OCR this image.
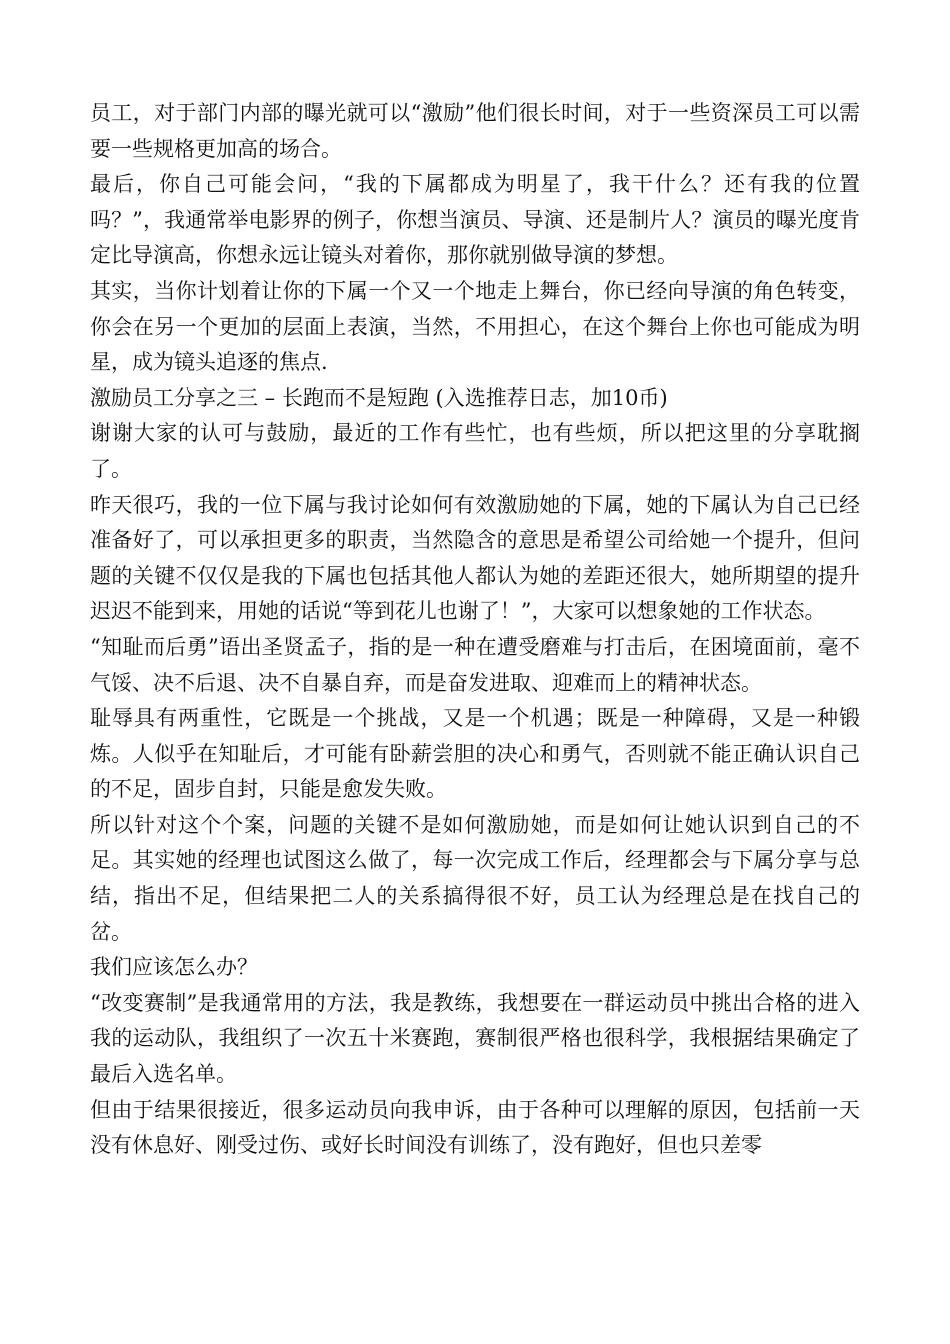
员工，对于部门内部的曝光就可以“激励”他们很长时间，对于一些资深员工可以需要一些规格更加高的场合。

最后，你自己可能会问，“我的下属都成为明星了，我干什么？还有我的位置吗？”，我通常举电影界的例子，你想当演员、导演、还是制片人？演员的曝光度肯定比导演高，你想永远让镜头对着你，那你就别做导演的梦想。

其实，当你计划着让你的下属一个又一个地走上舞台，你已经向导演的角色转变，你会在另一个更加的层面上表演，当然，不用担心，在这个舞台上你也可能成为明星，成为镜头追逐的焦点.

激励员工分享之三 – 长跑而不是短跑 (入选推荐日志，加10币)

谢谢大家的认可与鼓励，最近的工作有些忙，也有些烦，所以把这里的分享耽搁了。

昨天很巧，我的一位下属与我讨论如何有效激励她的下属，她的下属认为自己已经准备好了，可以承担更多的职责，当然隐含的意思是希望公司给她一个提升，但问题的关键不仅仅是我的下属也包括其他人都认为她的差距还很大，她所期望的提升迟迟不能到来，用她的话说“等到花儿也谢了！”，大家可以想象她的工作状态。

“知耻而后勇”语出圣贤孟子，指的是一种在遭受磨难与打击后，在困境面前，毫不气馁、决不后退、决不自暴自弃，而是奋发进取、迎难而上的精神状态。

耻辱具有两重性，它既是一个挑战，又是一个机遇；既是一种障碍，又是一种锻炼。人似乎在知耻后，才可能有卧薪尝胆的决心和勇气，否则就不能正确认识自己的不足，固步自封，只能是愈发失败。

所以针对这个个案，问题的关键不是如何激励她，而是如何让她认识到自己的不足。其实她的经理也试图这么做了，每一次完成工作后，经理都会与下属分享与总结，指出不足，但结果把二人的关系搞得很不好，员工认为经理总是在找自己的岔。

我们应该怎么办？

“改变赛制”是我通常用的方法，我是教练，我想要在一群运动员中挑出合格的进入我的运动队，我组织了一次五十米赛跑，赛制很严格也很科学，我根据结果确定了最后入选名单。

但由于结果很接近，很多运动员向我申诉，由于各种可以理解的原因，包括前一天没有休息好、刚受过伤、或好长时间没有训练了，没有跑好，但也只差零
